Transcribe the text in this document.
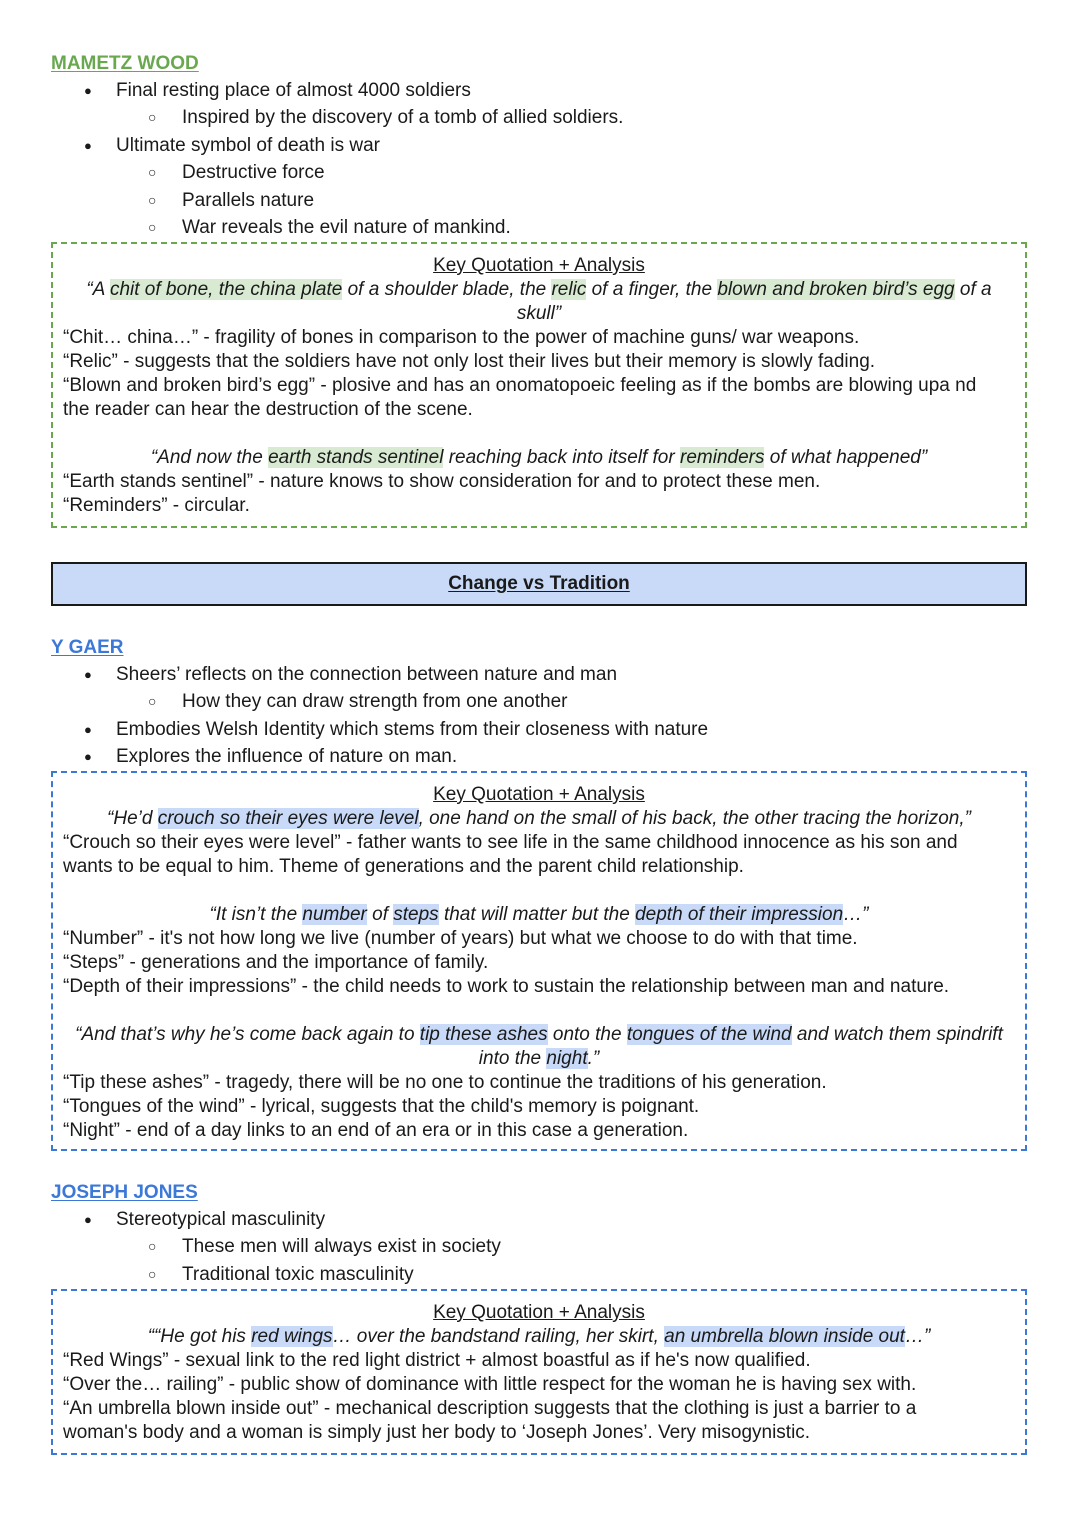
MAMETZ WOOD
● Final resting place of almost 4000 soldiers
○ Inspired by the discovery of a tomb of allied soldiers.
● Ultimate symbol of death is war
○ Destructive force
○ Parallels nature
○ War reveals the evil nature of mankind.
Key Quotation + Analysis
“A chit of bone, the china plate of a shoulder blade, the relic of a finger, the blown and broken bird’s egg of a
skull”
“Chit… china…” - fragility of bones in comparison to the power of machine guns/ war weapons.
“Relic” - suggests that the soldiers have not only lost their lives but their memory is slowly fading.
“Blown and broken bird’s egg” - plosive and has an onomatopoeic feeling as if the bombs are blowing upa nd
the reader can hear the destruction of the scene.
“And now the earth stands sentinel reaching back into itself for reminders of what happened”
“Earth stands sentinel” - nature knows to show consideration for and to protect these men.
“Reminders” - circular.
Change vs Tradition
Y GAER
● Sheers’ reflects on the connection between nature and man
○ How they can draw strength from one another
● Embodies Welsh Identity which stems from their closeness with nature
● Explores the influence of nature on man.
Key Quotation + Analysis
“He’d crouch so their eyes were level, one hand on the small of his back, the other tracing the horizon,”
“Crouch so their eyes were level” - father wants to see life in the same childhood innocence as his son and
wants to be equal to him. Theme of generations and the parent child relationship.
“It isn’t the number of steps that will matter but the depth of their impression…”
“Number” - it's not how long we live (number of years) but what we choose to do with that time.
“Steps” - generations and the importance of family.
“Depth of their impressions” - the child needs to work to sustain the relationship between man and nature.
“And that’s why he’s come back again to tip these ashes onto the tongues of the wind and watch them spindrift
into the night.”
“Tip these ashes” - tragedy, there will be no one to continue the traditions of his generation.
“Tongues of the wind” - lyrical, suggests that the child's memory is poignant.
“Night” - end of a day links to an end of an era or in this case a generation.
JOSEPH JONES
● Stereotypical masculinity
○ These men will always exist in society
○ Traditional toxic masculinity
Key Quotation + Analysis
““He got his red wings… over the bandstand railing, her skirt, an umbrella blown inside out…”
“Red Wings” - sexual link to the red light district + almost boastful as if he's now qualified.
“Over the… railing” - public show of dominance with little respect for the woman he is having sex with.
“An umbrella blown inside out” - mechanical description suggests that the clothing is just a barrier to a
woman's body and a woman is simply just her body to ‘Joseph Jones’. Very misogynistic.
